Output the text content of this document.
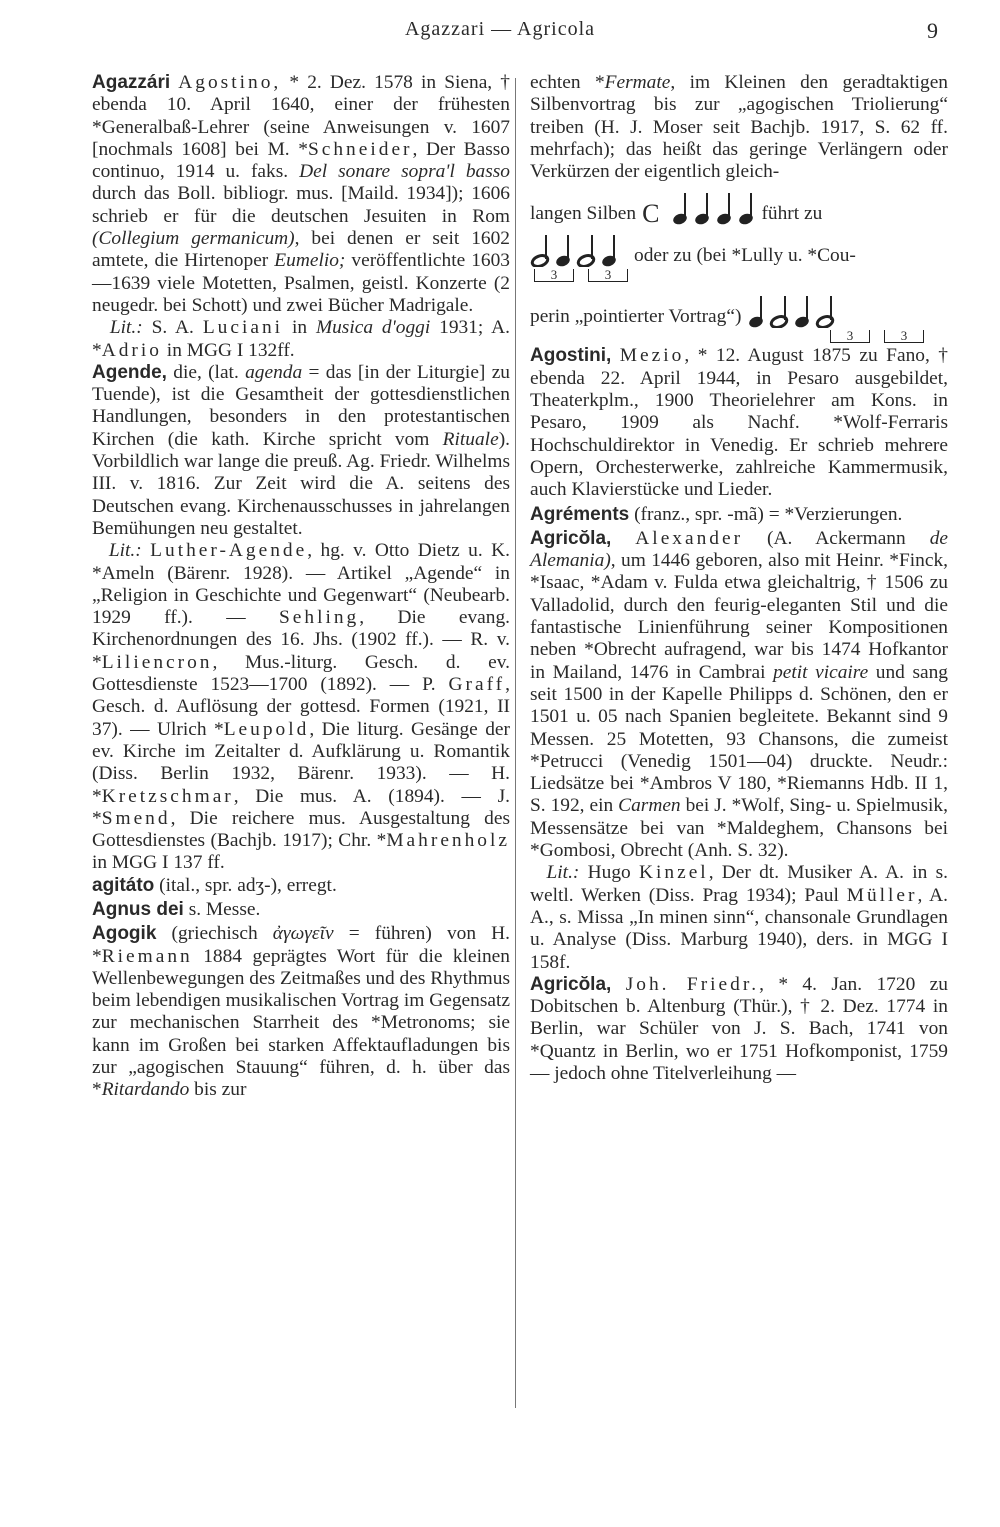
Agazzari — Agricola	9

Agazzári Agostino, * 2. Dez. 1578 in Siena, † ebenda 10. April 1640, einer der frühesten *Generalbaß-Lehrer (seine Anweisungen v. 1607 [nochmals 1608] bei M. *Schneider, Der Basso continuo, 1914 u. faks. Del sonare sopra'l basso durch das Boll. bibliogr. mus. [Maild. 1934]); 1606 schrieb er für die deutschen Jesuiten in Rom (Collegium germanicum), bei denen er seit 1602 amtete, die Hirtenoper Eumelio; veröffentlichte 1603—1639 viele Motetten, Psalmen, geistl. Konzerte (2 neugedr. bei Schott) und zwei Bücher Madrigale.

Lit.: S. A. Luciani in Musica d'oggi 1931; A. *Adrio in MGG I 132ff.

Agende, die, (lat. agenda = das [in der Liturgie] zu Tuende), ist die Gesamtheit der gottesdienstlichen Handlungen, besonders in den protestantischen Kirchen (die kath. Kirche spricht vom Rituale). Vorbildlich war lange die preuß. Ag. Friedr. Wilhelms III. v. 1816. Zur Zeit wird die A. seitens des Deutschen evang. Kirchenausschusses in jahrelangen Bemühungen neu gestaltet.

Lit.: Luther-Agende, hg. v. Otto Dietz u. K. *Ameln (Bärenr. 1928). — Artikel „Agende“ in „Religion in Geschichte und Gegenwart“ (Neubearb. 1929 ff.). — Sehling, Die evang. Kirchenordnungen des 16. Jhs. (1902 ff.). — R. v. *Liliencron, Mus.-liturg. Gesch. d. ev. Gottesdienste 1523—1700 (1892). — P. Graff, Gesch. d. Auflösung der gottesd. Formen (1921, II 37). — Ulrich *Leupold, Die liturg. Gesänge der ev. Kirche im Zeitalter d. Aufklärung u. Romantik (Diss. Berlin 1932, Bärenr. 1933). — H. *Kretzschmar, Die mus. A. (1894). — J. *Smend, Die reichere mus. Ausgestaltung des Gottesdienstes (Bachjb. 1917); Chr. *Mahrenholz in MGG I 137 ff.

agitáto (ital., spr. adʒ-), erregt.

Agnus dei s. Messe.

Agogik (griechisch ἀγωγεῖν = führen) von H. *Riemann 1884 geprägtes Wort für die kleinen Wellenbewegungen des Zeitmaßes und des Rhythmus beim lebendigen musikalischen Vortrag im Gegensatz zur mechanischen Starrheit des *Metronoms; sie kann im Großen bei starken Affektaufladungen bis zur „agogischen Stauung“ führen, d. h. über das *Ritardando bis zur

echten *Fermate, im Kleinen den geradtaktigen Silbenvortrag bis zur „agogischen Triolierung“ treiben (H. J. Moser seit Bachjb. 1917, S. 62 ff. mehrfach); das heißt das geringe Verlängern oder Verkürzen der eigentlich gleich-

langen Silben C	führt zu
oder zu (bei *Lully u. *Cou-
3	3
perin „pointierter Vortrag“)
3	3

Agostini, Mezio, * 12. August 1875 zu Fano, † ebenda 22. April 1944, in Pesaro ausgebildet, Theaterkplm., 1900 Theorielehrer am Kons. in Pesaro, 1909 als Nachf. *Wolf-Ferraris Hochschuldirektor in Venedig. Er schrieb mehrere Opern, Orchesterwerke, zahlreiche Kammermusik, auch Klavierstücke und Lieder.

Agréments (franz., spr. -mã) = *Verzierungen.

Agricŏla, Alexander (A. Ackermann de Alemania), um 1446 geboren, also mit Heinr. *Finck, *Isaac, *Adam v. Fulda etwa gleichaltrig, † 1506 zu Valladolid, durch den feurig-eleganten Stil und die fantastische Linienführung seiner Kompositionen neben *Obrecht aufragend, war bis 1474 Hofkantor in Mailand, 1476 in Cambrai petit vicaire und sang seit 1500 in der Kapelle Philipps d. Schönen, den er 1501 u. 05 nach Spanien begleitete. Bekannt sind 9 Messen. 25 Motetten, 93 Chansons, die zumeist *Petrucci (Venedig 1501—04) druckte. Neudr.: Liedsätze bei *Ambros V 180, *Riemanns Hdb. II 1, S. 192, ein Carmen bei J. *Wolf, Sing- u. Spielmusik, Messensätze bei van *Maldeghem, Chansons bei *Gombosi, Obrecht (Anh. S. 32).

Lit.: Hugo Kinzel, Der dt. Musiker A. A. in s. weltl. Werken (Diss. Prag 1934); Paul Müller, A. A., s. Missa „In minen sinn“, chansonale Grundlagen u. Analyse (Diss. Marburg 1940), ders. in MGG I 158f.

Agricŏla, Joh. Friedr., * 4. Jan. 1720 zu Dobitschen b. Altenburg (Thür.), † 2. Dez. 1774 in Berlin, war Schüler von J. S. Bach, 1741 von *Quantz in Berlin, wo er 1751 Hofkomponist, 1759 — jedoch ohne Titelverleihung —
